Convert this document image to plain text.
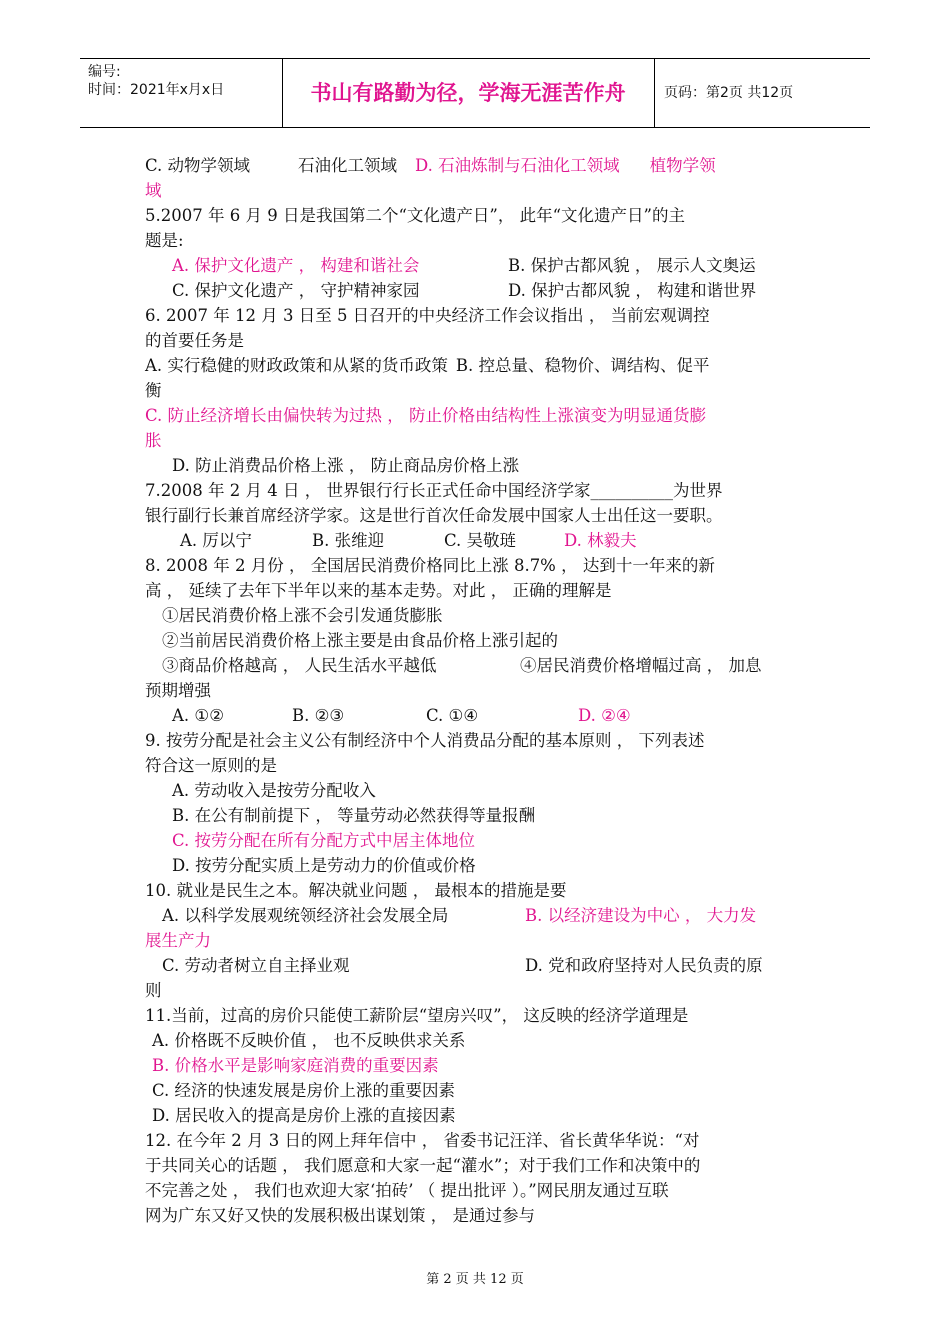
编号:
时间：2021年x月x日	书山有路勤为径，学海无涯苦作舟	页码：第2页 共12页
C. 动物学领域	石油化工领域 D. 石油炼制与石油化工领域 植物学领
域
5.2007 年 6 月 9 日是我国第二个“文化遗产日”， 此年“文化遗产日”的主
题是:
A. 保护文化遗产 ， 构建和谐社会	B. 保护古都风貌 ， 展示人文奥运
C. 保护文化遗产 ， 守护精神家园	D. 保护古都风貌 ， 构建和谐世界
6. 2007 年 12 月 3 日至 5 日召开的中央经济工作会议指出 ， 当前宏观调控
的首要任务是
A. 实行稳健的财政政策和从紧的货币政策 B. 控总量、稳物价、调结构、促平
衡
C. 防止经济增长由偏快转为过热 ， 防止价格由结构性上涨演变为明显通货膨
胀
D. 防止消费品价格上涨 ， 防止商品房价格上涨
7.2008 年 2 月 4 日 ， 世界银行行长正式任命中国经济学家__________为世界
银行副行长兼首席经济学家。这是世行首次任命发展中国家人士出任这一要职。
A. 厉以宁	B. 张维迎	C. 吴敬琏	D. 林毅夫
8. 2008 年 2 月份 ， 全国居民消费价格同比上涨 8.7% ， 达到十一年来的新
高 ， 延续了去年下半年以来的基本走势。对此 ， 正确的理解是
①居民消费价格上涨不会引发通货膨胀
②当前居民消费价格上涨主要是由食品价格上涨引起的
③商品价格越高 ， 人民生活水平越低	④居民消费价格增幅过高 ， 加息
预期增强
A. ①②	B. ②③	C. ①④	D. ②④
9. 按劳分配是社会主义公有制经济中个人消费品分配的基本原则 ， 下列表述
符合这一原则的是
A. 劳动收入是按劳分配收入
B. 在公有制前提下 ， 等量劳动必然获得等量报酬
C. 按劳分配在所有分配方式中居主体地位
D. 按劳分配实质上是劳动力的价值或价格
10. 就业是民生之本。解决就业问题 ， 最根本的措施是要
A. 以科学发展观统领经济社会发展全局	B. 以经济建设为中心 ， 大力发
展生产力
C. 劳动者树立自主择业观	D. 党和政府坚持对人民负责的原
则
11.当前，过高的房价只能使工薪阶层“望房兴叹”， 这反映的经济学道理是
A. 价格既不反映价值 ， 也不反映供求关系
B. 价格水平是影响家庭消费的重要因素
C. 经济的快速发展是房价上涨的重要因素
D. 居民收入的提高是房价上涨的直接因素
12. 在今年 2 月 3 日的网上拜年信中 ， 省委书记汪洋、省长黄华华说：“对
于共同关心的话题 ， 我们愿意和大家一起“灌水”；对于我们工作和决策中的
不完善之处 ， 我们也欢迎大家‘拍砖’ （ 提出批评 ）。”网民朋友通过互联
网为广东又好又快的发展积极出谋划策 ， 是通过参与
第 2 页 共 12 页
